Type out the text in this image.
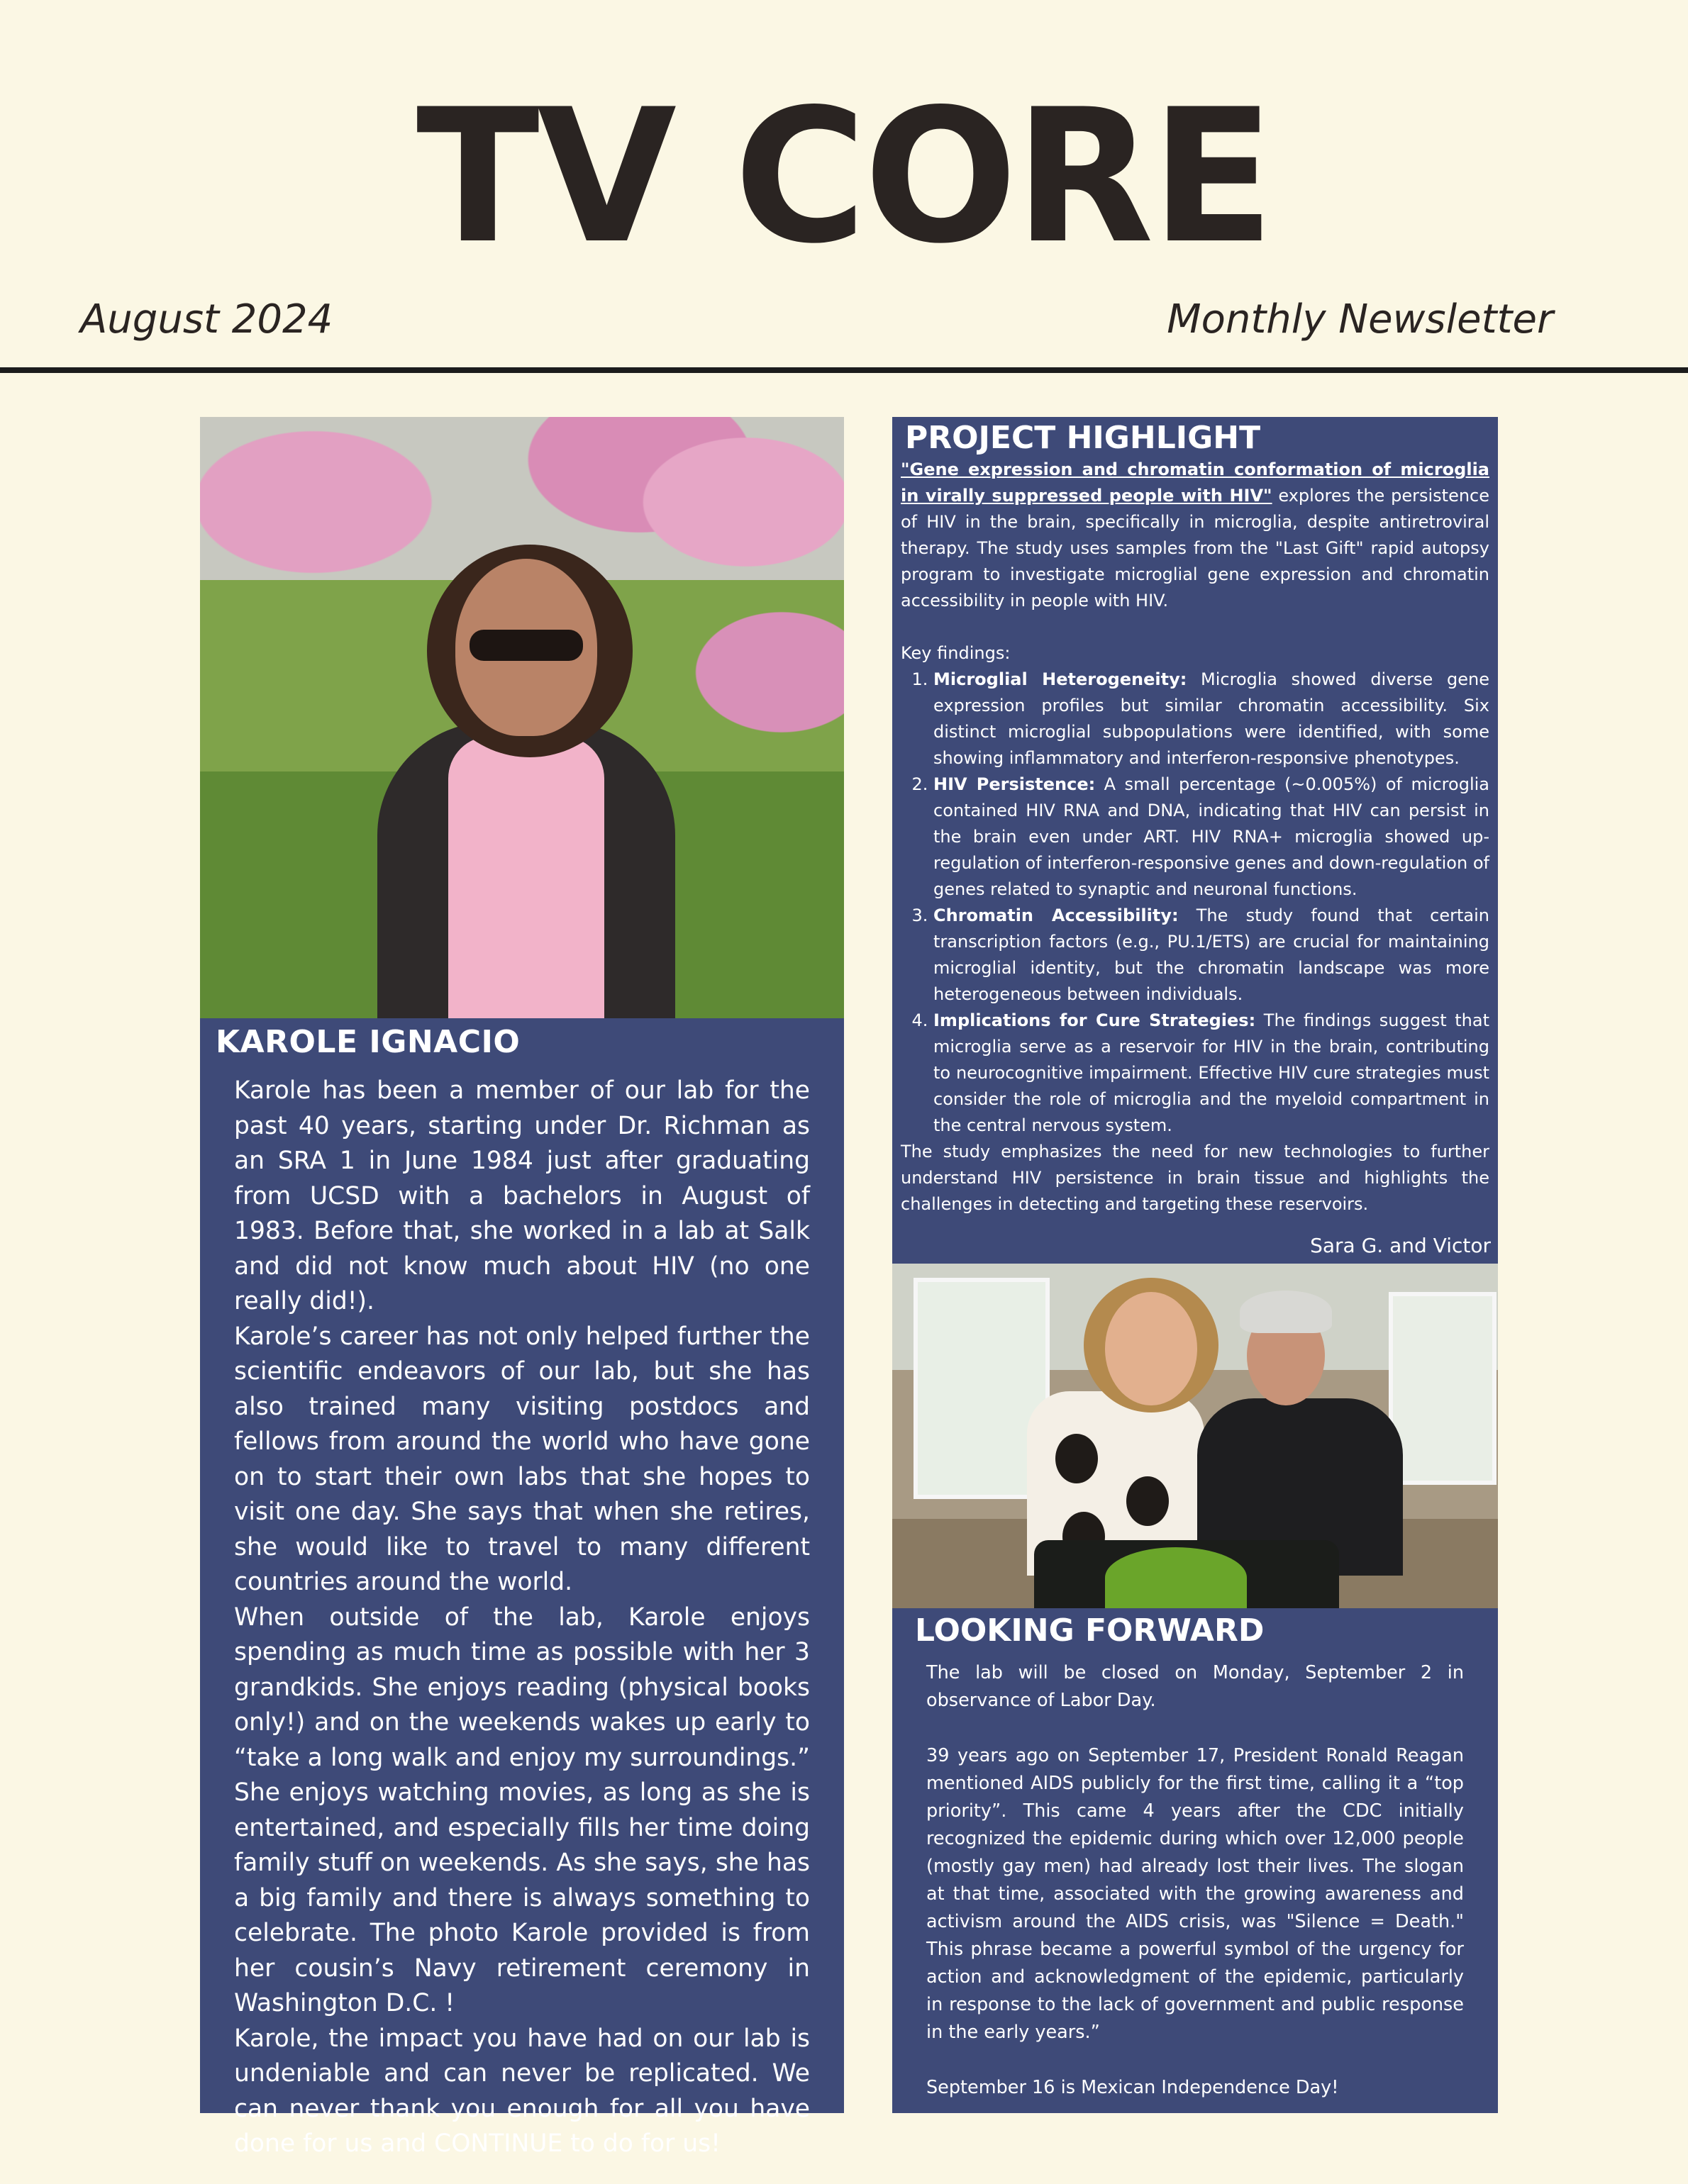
TV CORE
August 2024	Monthly Newsletter
KAROLE IGNACIO

Karole has been a member of our lab for the past 40 years, starting under Dr. Richman as an SRA 1 in June 1984 just after graduating from UCSD with a bachelors in August of 1983. Before that, she worked in a lab at Salk and did not know much about HIV (no one really did!).

Karole’s career has not only helped further the scientific endeavors of our lab, but she has also trained many visiting postdocs and fellows from around the world who have gone on to start their own labs that she hopes to visit one day. She says that when she retires, she would like to travel to many different countries around the world.

When outside of the lab, Karole enjoys spending as much time as possible with her 3 grandkids. She enjoys reading (physical books only!) and on the weekends wakes up early to “take a long walk and enjoy my surroundings.” She enjoys watching movies, as long as she is entertained, and especially fills her time doing family stuff on weekends. As she says, she has a big family and there is always something to celebrate. The photo Karole provided is from her cousin’s Navy retirement ceremony in Washington D.C. !

Karole, the impact you have had on our lab is undeniable and can never be replicated. We can never thank you enough for all you have done for us and CONTINUE to do for us!

PROJECT HIGHLIGHT

"Gene expression and chromatin conformation of microglia in virally suppressed people with HIV" explores the persistence of HIV in the brain, specifically in microglia, despite antiretroviral therapy. The study uses samples from the "Last Gift" rapid autopsy program to investigate microglial gene expression and chromatin accessibility in people with HIV.

Key findings:

1. Microglial Heterogeneity: Microglia showed diverse gene expression profiles but similar chromatin accessibility. Six distinct microglial subpopulations were identified, with some showing inflammatory and interferon-responsive phenotypes.
2. HIV Persistence: A small percentage (~0.005%) of microglia contained HIV RNA and DNA, indicating that HIV can persist in the brain even under ART. HIV RNA+ microglia showed up-regulation of interferon-responsive genes and down-regulation of genes related to synaptic and neuronal functions.
3. Chromatin Accessibility: The study found that certain transcription factors (e.g., PU.1/ETS) are crucial for maintaining microglial identity, but the chromatin landscape was more heterogeneous between individuals.
4. Implications for Cure Strategies: The findings suggest that microglia serve as a reservoir for HIV in the brain, contributing to neurocognitive impairment. Effective HIV cure strategies must consider the role of microglia and the myeloid compartment in the central nervous system.

The study emphasizes the need for new technologies to further understand HIV persistence in brain tissue and highlights the challenges in detecting and targeting these reservoirs.

Sara G. and Victor
LOOKING FORWARD

The lab will be closed on Monday, September 2 in observance of Labor Day.

39 years ago on September 17, President Ronald Reagan mentioned AIDS publicly for the first time, calling it a “top priority”. This came 4 years after the CDC initially recognized the epidemic during which over 12,000 people (mostly gay men) had already lost their lives. The slogan at that time, associated with the growing awareness and activism around the AIDS crisis, was "Silence = Death." This phrase became a powerful symbol of the urgency for action and acknowledgment of the epidemic, particularly in response to the lack of government and public response in the early years.”

September 16 is Mexican Independence Day!
